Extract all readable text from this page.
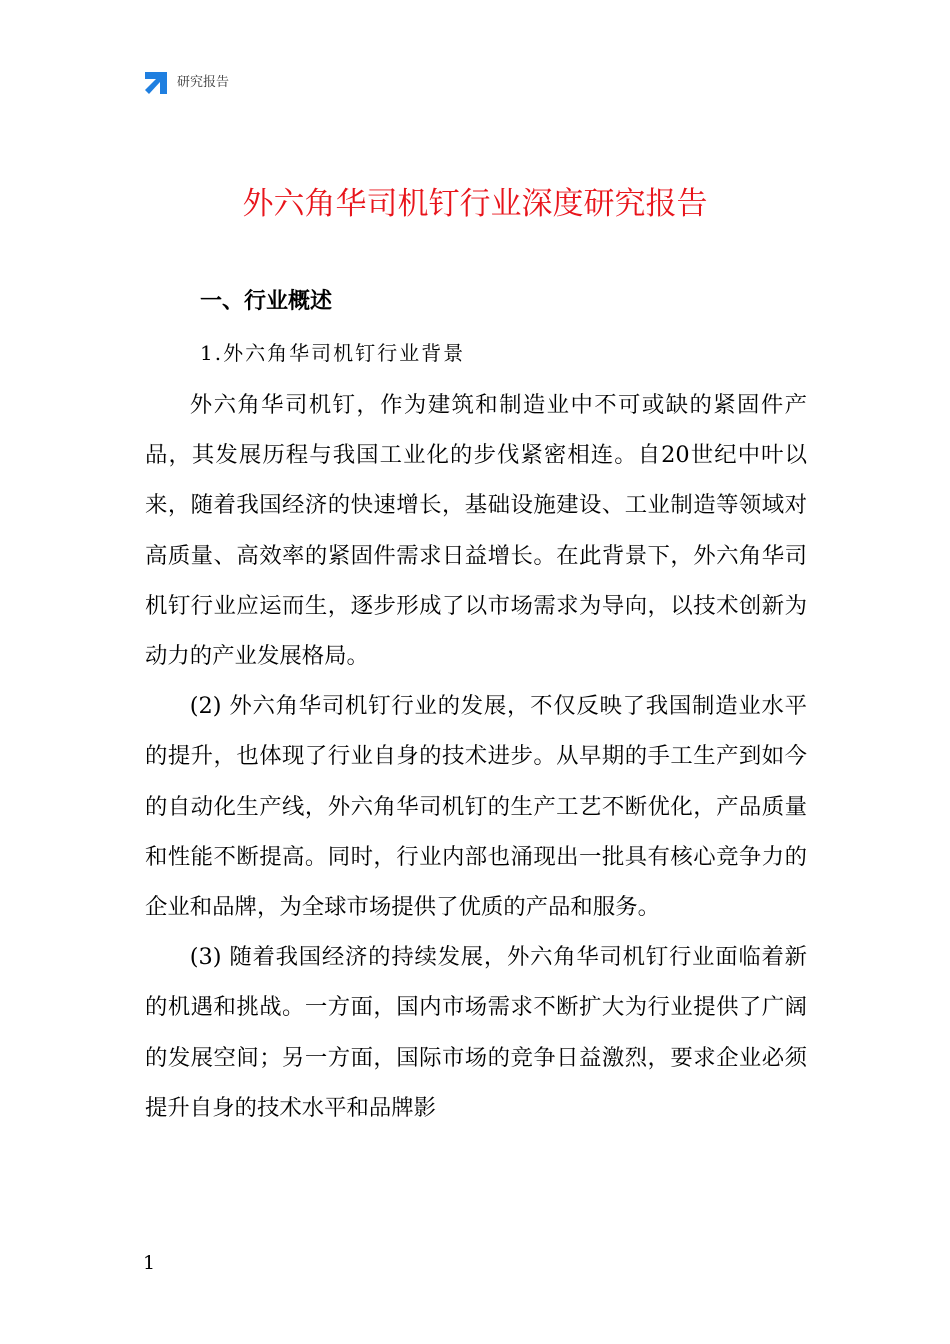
研究报告
外六角华司机钉行业深度研究报告
一、行业概述
1.外六角华司机钉行业背景

外六角华司机钉，作为建筑和制造业中不可或缺的紧固件产品，其发展历程与我国工业化的步伐紧密相连。自20世纪中叶以来，随着我国经济的快速增长，基础设施建设、工业制造等领域对高质量、高效率的紧固件需求日益增长。在此背景下，外六角华司机钉行业应运而生，逐步形成了以市场需求为导向，以技术创新为动力的产业发展格局。

(2) 外六角华司机钉行业的发展，不仅反映了我国制造业水平的提升，也体现了行业自身的技术进步。从早期的手工生产到如今的自动化生产线，外六角华司机钉的生产工艺不断优化，产品质量和性能不断提高。同时，行业内部也涌现出一批具有核心竞争力的企业和品牌，为全球市场提供了优质的产品和服务。

(3) 随着我国经济的持续发展，外六角华司机钉行业面临着新的机遇和挑战。一方面，国内市场需求不断扩大为行业提供了广阔的发展空间；另一方面，国际市场的竞争日益激烈，要求企业必须提升自身的技术水平和品牌影

1
